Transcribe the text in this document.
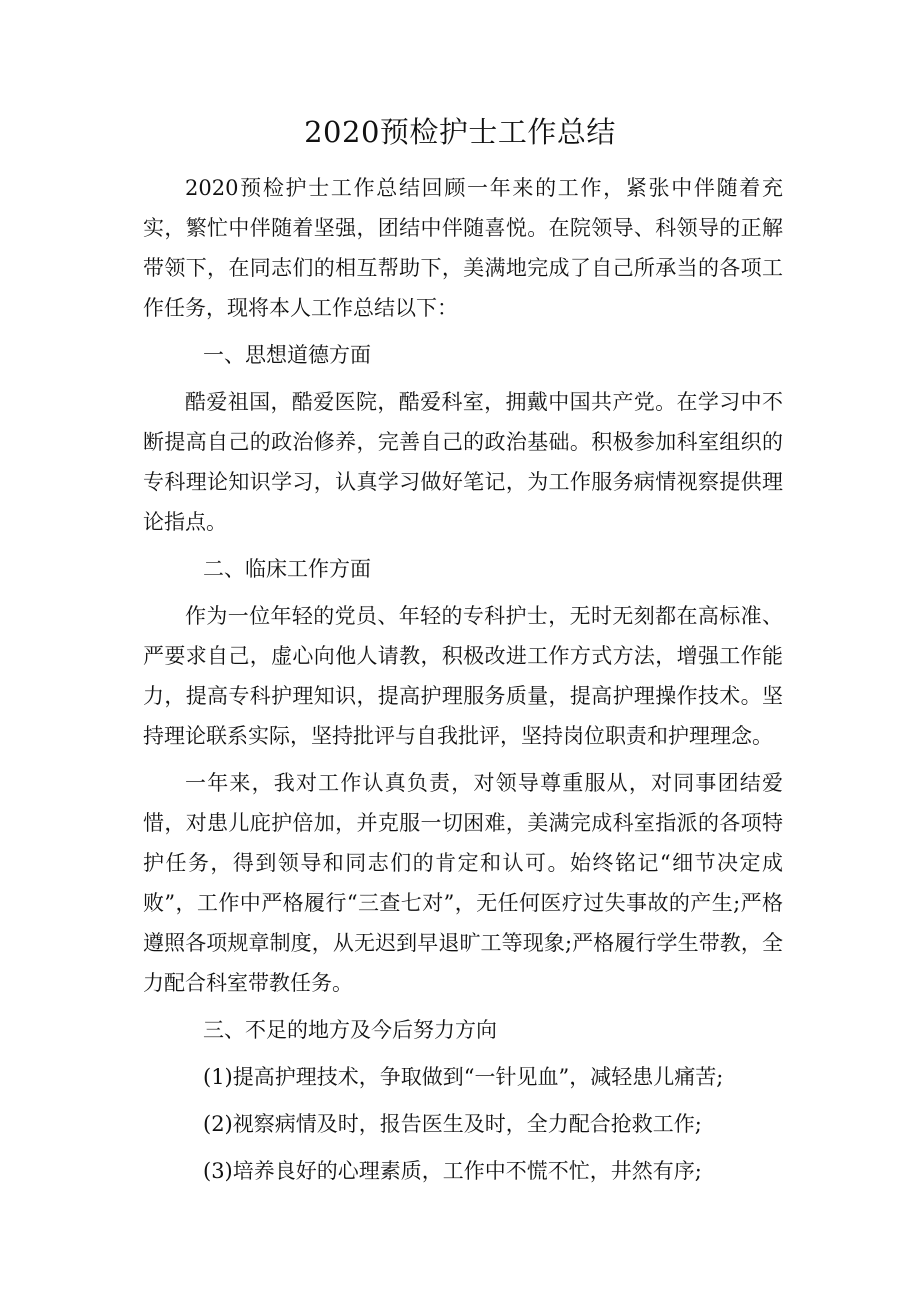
2020预检护士工作总结

2020预检护士工作总结回顾一年来的工作，紧张中伴随着充实，繁忙中伴随着坚强，团结中伴随喜悦。在院领导、科领导的正解带领下，在同志们的相互帮助下，美满地完成了自己所承当的各项工作任务，现将本人工作总结以下：

一、思想道德方面

酷爱祖国，酷爱医院，酷爱科室，拥戴中国共产党。在学习中不断提高自己的政治修养，完善自己的政治基础。积极参加科室组织的专科理论知识学习，认真学习做好笔记，为工作服务病情视察提供理论指点。

二、临床工作方面

作为一位年轻的党员、年轻的专科护士，无时无刻都在高标准、严要求自己，虚心向他人请教，积极改进工作方式方法，增强工作能力，提高专科护理知识，提高护理服务质量，提高护理操作技术。坚持理论联系实际，坚持批评与自我批评，坚持岗位职责和护理理念。

一年来，我对工作认真负责，对领导尊重服从，对同事团结爱惜，对患儿庇护倍加，并克服一切困难，美满完成科室指派的各项特护任务，得到领导和同志们的肯定和认可。始终铭记“细节决定成败”，工作中严格履行“三查七对”，无任何医疗过失事故的产生;严格遵照各项规章制度，从无迟到早退旷工等现象;严格履行学生带教，全力配合科室带教任务。

三、不足的地方及今后努力方向

(1)提高护理技术，争取做到“一针见血”，减轻患儿痛苦;

(2)视察病情及时，报告医生及时，全力配合抢救工作;

(3)培养良好的心理素质，工作中不慌不忙，井然有序;
